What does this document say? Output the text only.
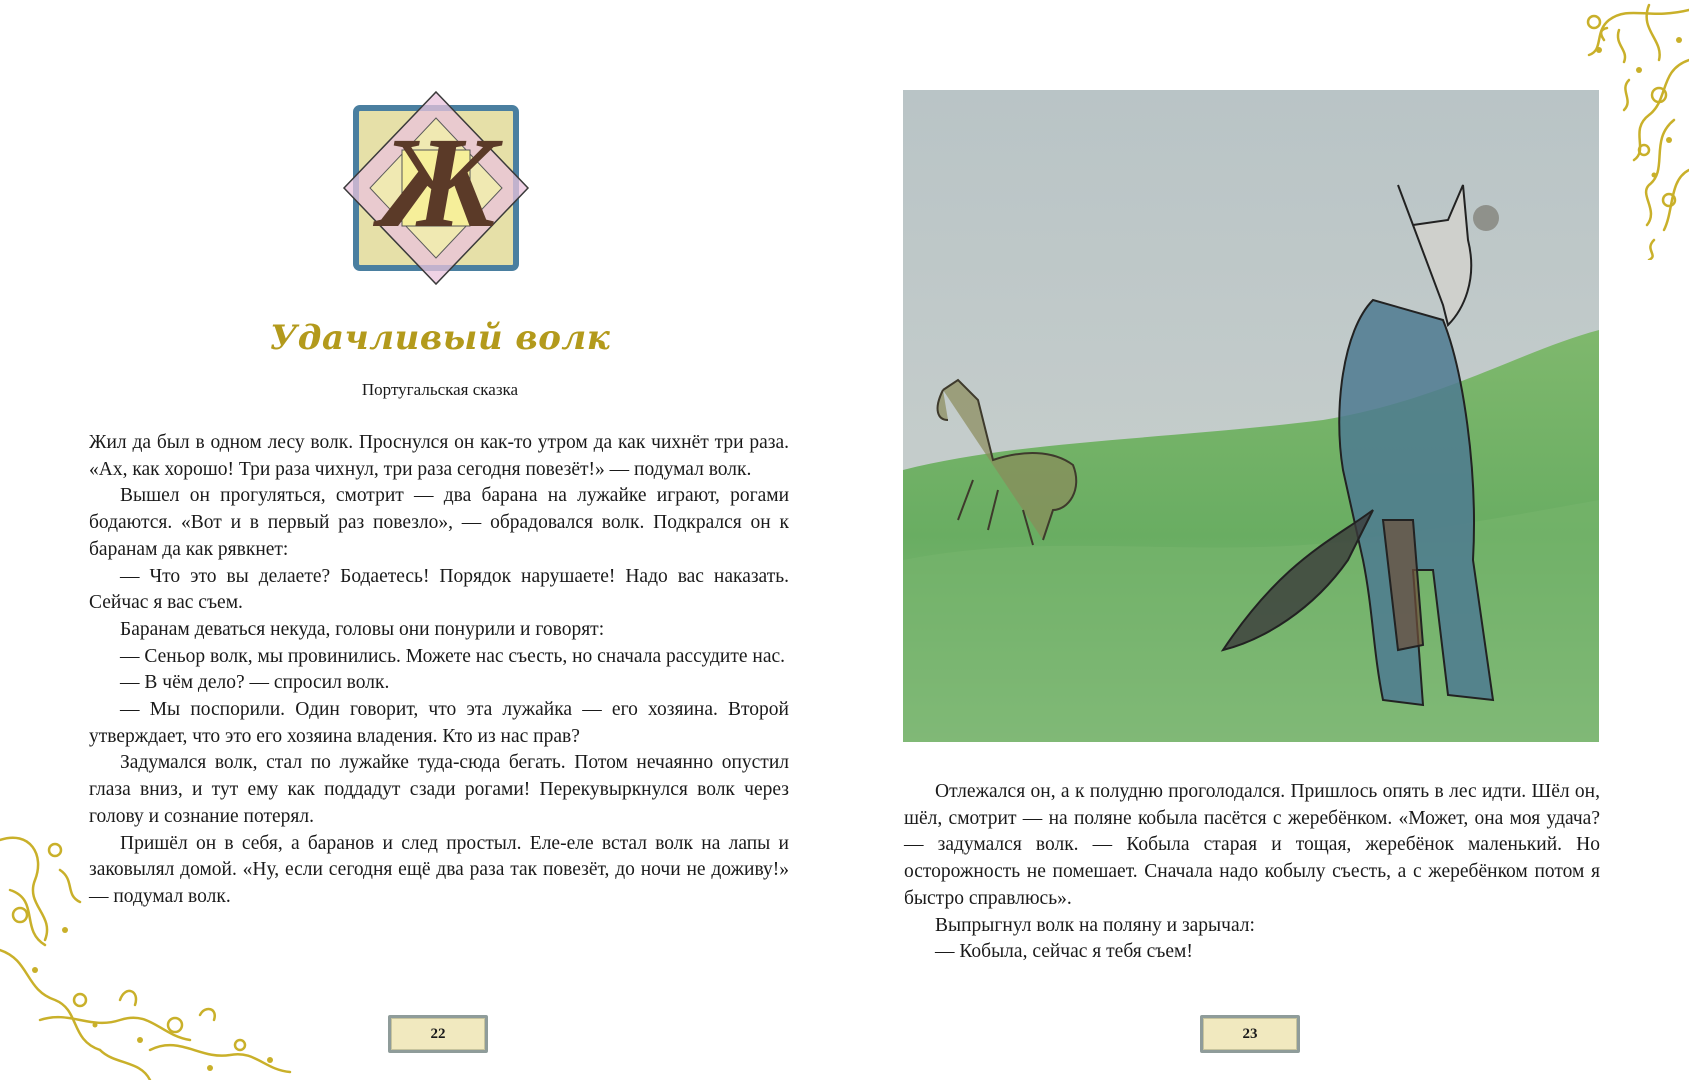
Ж
Удачливый волк
Португальская сказка

Жил да был в одном лесу волк. Проснулся он как-то утром да как чихнёт три раза. «Ах, как хорошо! Три раза чихнул, три раза сегодня повезёт!» — подумал волк.

Вышел он прогуляться, смотрит — два барана на лужайке играют, рогами бодаются. «Вот и в первый раз повезло», — обрадовался волк. Подкрался он к баранам да как рявкнет:

— Что это вы делаете? Бодаетесь! Порядок нарушаете! Надо вас наказать. Сейчас я вас съем.

Баранам деваться некуда, головы они понурили и говорят:

— Сеньор волк, мы провинились. Можете нас съесть, но сначала рассудите нас.

— В чём дело? — спросил волк.

— Мы поспорили. Один говорит, что эта лужайка — его хозяина. Второй утверждает, что это его хозяина владения. Кто из нас прав?

Задумался волк, стал по лужайке туда-сюда бегать. Потом нечаянно опустил глаза вниз, и тут ему как поддадут сзади рогами! Перекувыркнулся волк через голову и сознание потерял.

Пришёл он в себя, а баранов и след простыл. Еле-еле встал волк на лапы и заковылял домой. «Ну, если сегодня ещё два раза так повезёт, до ночи не доживу!» — подумал волк.

Отлежался он, а к полудню проголодался. Пришлось опять в лес идти. Шёл он, шёл, смотрит — на поляне кобыла пасётся с жеребёнком. «Может, она моя удача? — задумался волк. — Кобыла старая и тощая, жеребёнок маленький. Но осторожность не помешает. Сначала надо кобылу съесть, а с жеребёнком потом я быстро справлюсь».

Выпрыгнул волк на поляну и зарычал:

— Кобыла, сейчас я тебя съем!

22	23
